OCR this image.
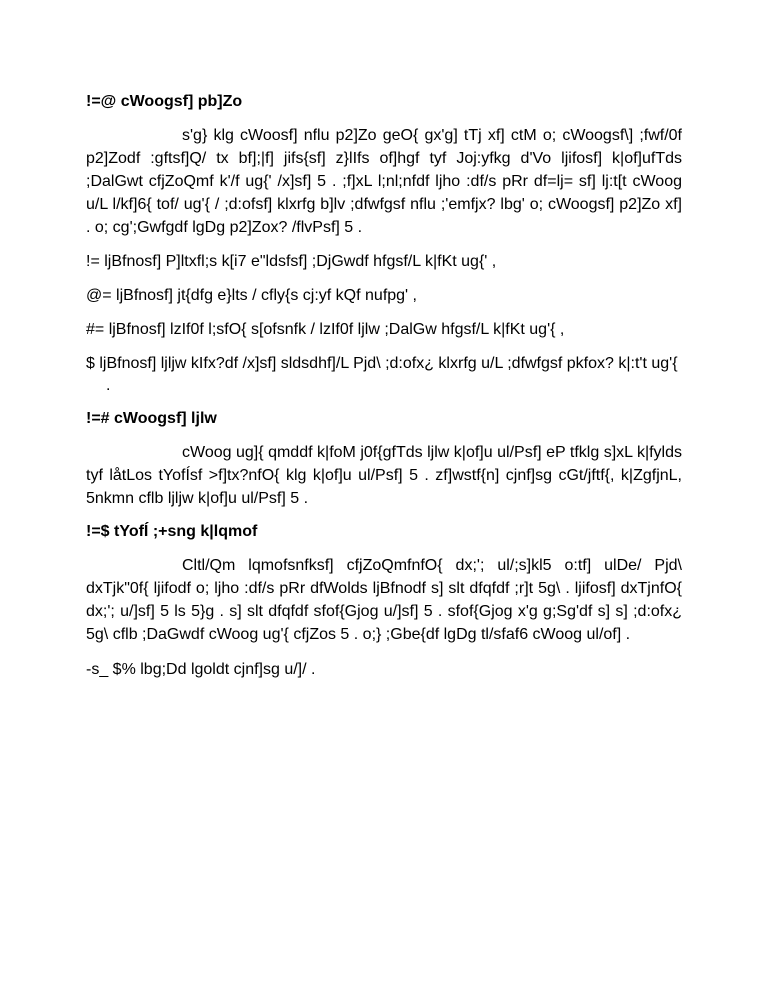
!=@ cWoogsf] pb]Zo

s'g} klg cWoosf] nflu p2]Zo geO{ gx'g] tTj xf] ctM o; cWoogsf\] ;fwf/0f p2]Zodf :gftsf]Q/ tx bf];|f] jifs{sf] z}lIfs of]hgf tyf Joj:yfkg d'Vo ljifosf] k|of]ufTds ;DalGwt cfjZoQmf k'/f ug{' /x]sf] 5 . ;f]xL l;nl;nfdf ljho :df/s pRr df=lj= sf] lj:t[t cWoog u/L l/kf]6{ tof/ ug'{ / ;d:ofsf] klxrfg b]lv ;dfwfgsf nflu ;'emfjx? lbg' o; cWoogsf] p2]Zo xf] . o; cg';Gwfgdf lgDg p2]Zox? /flvPsf] 5 .

!= ljBfnosf] P]ltxfl;s k[i7 e"ldsfsf] ;DjGwdf hfgsf/L k|fKt ug{' ,

@= ljBfnosf] jt{dfg e}lts / cfly{s cj:yf kQf nufpg' ,

#= ljBfnosf] lzIf0f l;sfO{ s[ofsnfk / lzIf0f ljlw ;DalGw hfgsf/L k|fKt ug'{ ,

$ ljBfnosf] ljljw kIfx?df /x]sf] sldsdhf]/L Pjd\ ;d:ofx¿ klxrfg u/L ;dfwfgsf pkfox? k|:t't ug'{ .

!=# cWoogsf] ljlw

cWoog ug]{ qmddf k|foM j0f{gfTds ljlw k|of]u ul/Psf] eP tfklg s]xL k|fylds tyf låtLos tYofÍsf >f]tx?nfO{ klg k|of]u ul/Psf] 5 . zf]wstf{n] cjnf]sg cGt/jftf{, k|ZgfjnL, 5nkmn cflb ljljw k|of]u ul/Psf] 5 .

!=$ tYofÍ ;+sng k|lqmof

Cltl/Qm lqmofsnfksf] cfjZoQmfnfO{ dx;'; ul/;s]kl5 o:tf] ulDe/ Pjd\ dxTjk"0f{ ljifodf o; ljho :df/s pRr dfWolds ljBfnodf s] slt dfqfdf ;r]t 5g\ . ljifosf] dxTjnfO{ dx;'; u/]sf] 5 ls 5}g . s] slt dfqfdf sfof{Gjog u/]sf] 5 . sfof{Gjog x'g g;Sg'df s] s] ;d:ofx¿ 5g\ cflb ;DaGwdf cWoog ug'{ cfjZos 5 . o;} ;Gbe{df lgDg tl/sfaf6 cWoog ul/of] .

-s_ $% lbg;Dd lgoldt cjnf]sg u/]/ .
